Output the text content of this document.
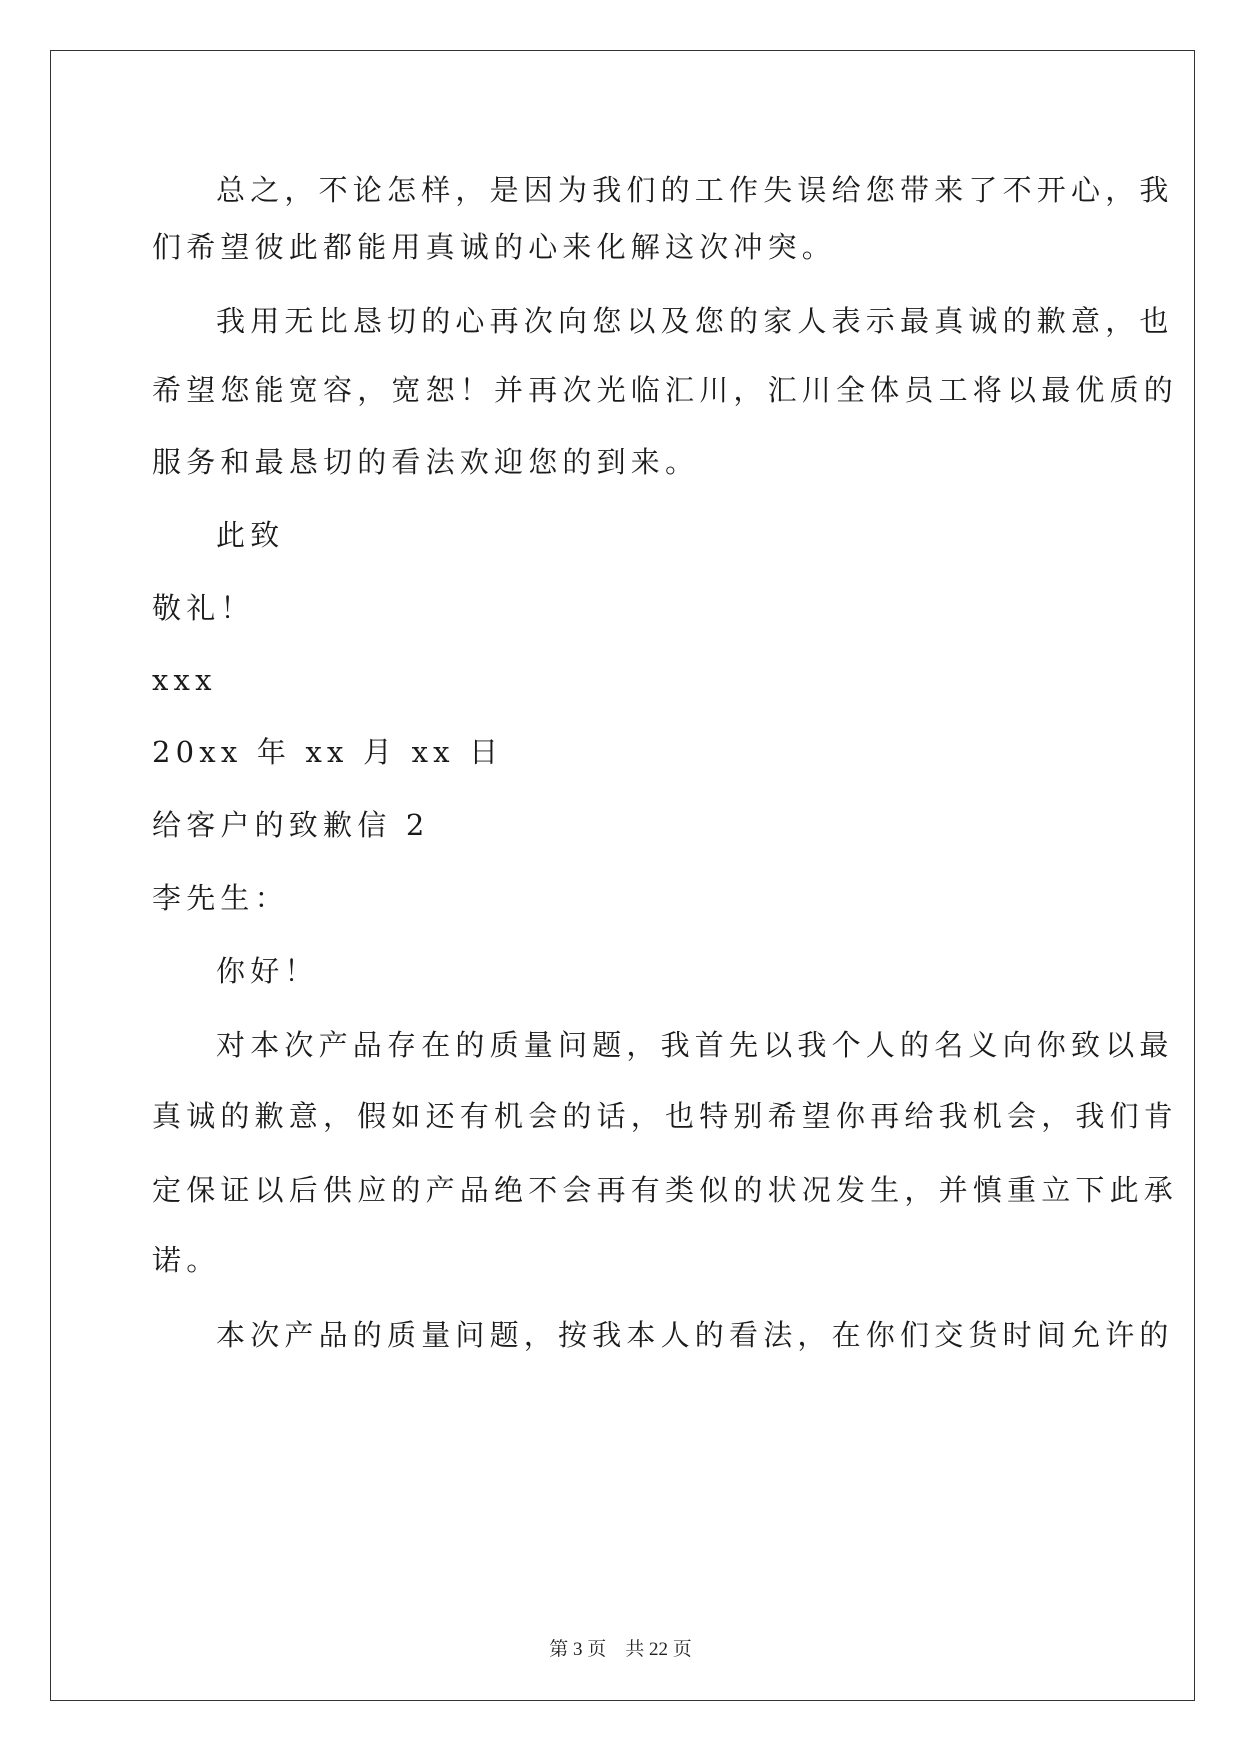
总之，不论怎样，是因为我们的工作失误给您带来了不开心，我
们希望彼此都能用真诚的心来化解这次冲突。
我用无比恳切的心再次向您以及您的家人表示最真诚的歉意，也
希望您能宽容，宽恕！并再次光临汇川，汇川全体员工将以最优质的
服务和最恳切的看法欢迎您的到来。
此致
敬礼！
xxx
20xx 年 xx 月 xx 日
给客户的致歉信 2
李先生：
你好！
对本次产品存在的质量问题，我首先以我个人的名义向你致以最
真诚的歉意，假如还有机会的话，也特别希望你再给我机会，我们肯
定保证以后供应的产品绝不会再有类似的状况发生，并慎重立下此承
诺。
本次产品的质量问题，按我本人的看法，在你们交货时间允许的
第 3 页　共 22 页
